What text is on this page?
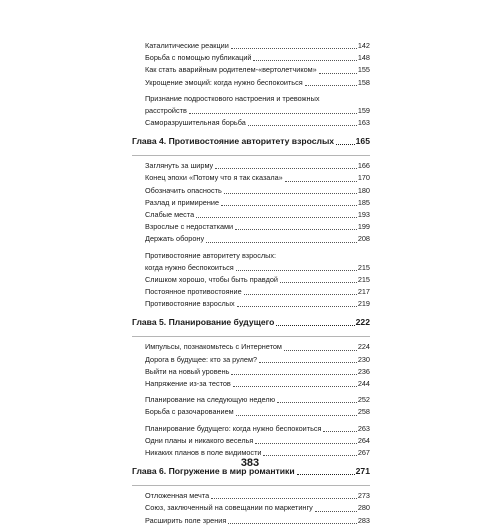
Каталитические реакции	142
Борьба с помощью публикаций	148
Как стать аварийным родителем-«вертолетчиком»	155
Укрощение эмоций: когда нужно беспокоиться	158
Признание подросткового настроения и тревожных
расстройств	159
Саморазрушительная борьба	163
Глава 4. Противостояние авторитету взрослых	165
Заглянуть за ширму	166
Конец эпохи «Потому что я так сказала»	170
Обозначить опасность	180
Разлад и примирение	185
Слабые места	193
Взрослые с недостатками	199
Держать оборону	208
Противостояние авторитету взрослых:
когда нужно беспокоиться	215
Слишком хорошо, чтобы быть правдой	215
Постоянное противостояние	217
Противостояние взрослых	219
Глава 5. Планирование будущего	222
Импульсы, познакомьтесь с Интернетом	224
Дорога в будущее: кто за рулем?	230
Выйти на новый уровень	236
Напряжение из-за тестов	244
Планирование на следующую неделю	252
Борьба с разочарованием	258
Планирование будущего: когда нужно беспокоиться	263
Одни планы и никакого веселья	264
Никаких планов в поле видимости	267
Глава 6. Погружение в мир романтики	271
Отложенная мечта	273
Союз, заключенный на совещании по маркетингу	280
Расширить поле зрения	283
383
